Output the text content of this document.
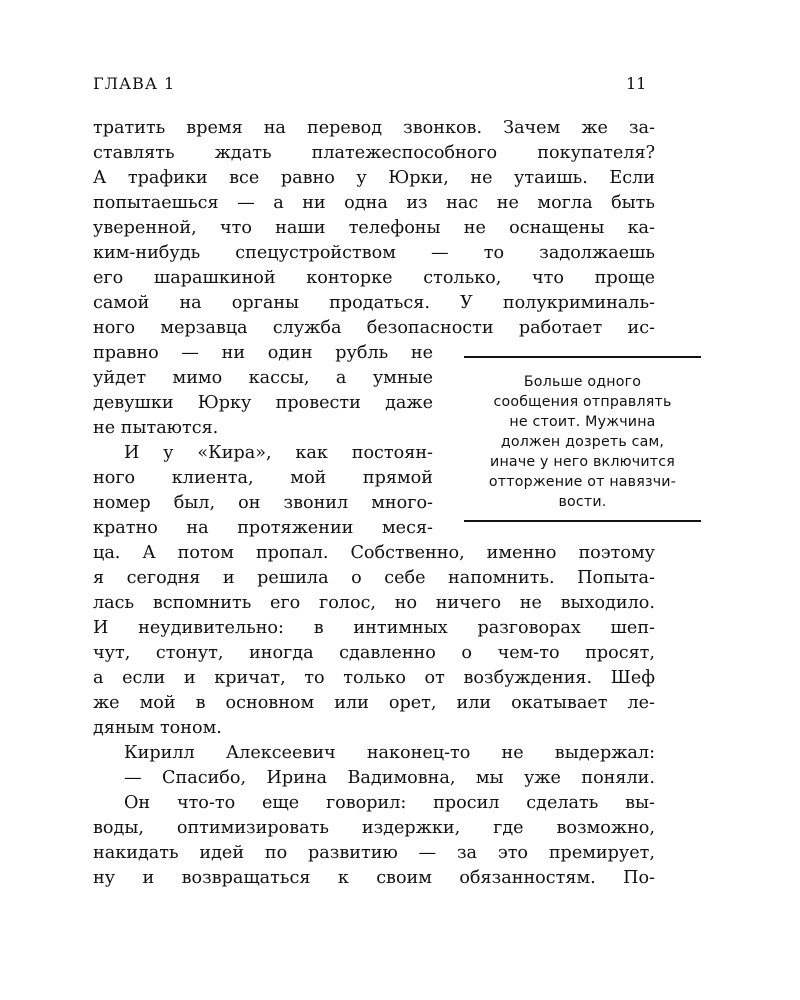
ГЛАВА 1	11
тратить время на перевод звонков. Зачем же за-
ставлять ждать платежеспособного покупателя?
А трафики все равно у Юрки, не утаишь. Если
попытаешься — а ни одна из нас не могла быть
уверенной, что наши телефоны не оснащены ка-
ким-нибудь спецустройством — то задолжаешь
его шарашкиной конторке столько, что проще
самой на органы продаться. У полукриминаль-
ного мерзавца служба безопасности работает ис-
правно — ни один рубль не
уйдет мимо кассы, а умные
девушки Юрку провести даже
не пытаются.
И у «Кира», как постоян-
ного клиента, мой прямой
номер был, он звонил много-
кратно на протяжении меся-
ца. А потом пропал. Собственно, именно поэтому
я сегодня и решила о себе напомнить. Попыта-
лась вспомнить его голос, но ничего не выходило.
И неудивительно: в интимных разговорах шеп-
чут, стонут, иногда сдавленно о чем-то просят,
а если и кричат, то только от возбуждения. Шеф
же мой в основном или орет, или окатывает ле-
дяным тоном.
Кирилл Алексеевич наконец-то не выдержал:
— Спасибо, Ирина Вадимовна, мы уже поняли.
Он что-то еще говорил: просил сделать вы-
воды, оптимизировать издержки, где возможно,
накидать идей по развитию — за это премирует,
ну и возвращаться к своим обязанностям. По-
Больше одного
сообщения отправлять
не стоит. Мужчина
должен дозреть сам,
иначе у него включится
отторжение от навязчи-
вости.
